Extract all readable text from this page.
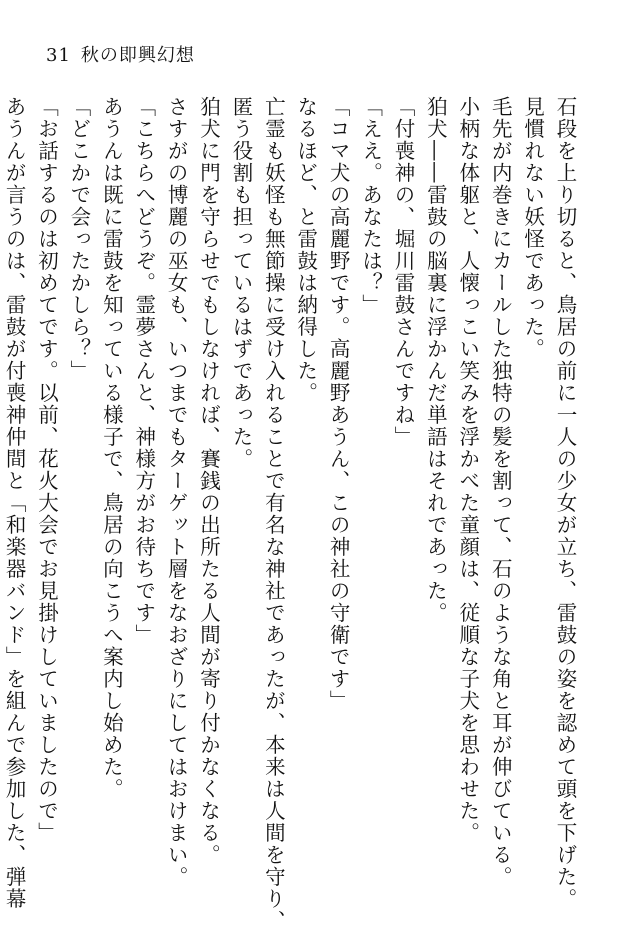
31 秋の即興幻想

石段を上り切ると、鳥居の前に一人の少女が立ち、雷鼓の姿を認めて頭を下げた。

見慣れない妖怪であった。

毛先が内巻きにカールした独特の髪を割って、石のような角と耳が伸びている。

小柄な体躯と、人懐っこい笑みを浮かべた童顔は、従順な子犬を思わせた。

狛犬――雷鼓の脳裏に浮かんだ単語はそれであった。

「付喪神の、堀川雷鼓さんですね」

「ええ。あなたは？」

「コマ犬の高麗野です。高麗野あうん、この神社の守衛です」

なるほど、と雷鼓は納得した。

亡霊も妖怪も無節操に受け入れることで有名な神社であったが、本来は人間を守り、

匿う役割も担っているはずであった。

狛犬に門を守らせでもしなければ、賽銭の出所たる人間が寄り付かなくなる。

さすがの博麗の巫女も、いつまでもターゲット層をなおざりにしてはおけまい。

「こちらへどうぞ。霊夢さんと、神様方がお待ちです」

あうんは既に雷鼓を知っている様子で、鳥居の向こうへ案内し始めた。

「どこかで会ったかしら？」

「お話するのは初めてです。以前、花火大会でお見掛けしていましたので」

あうんが言うのは、雷鼓が付喪神仲間と「和楽器バンド」を組んで参加した、弾幕
